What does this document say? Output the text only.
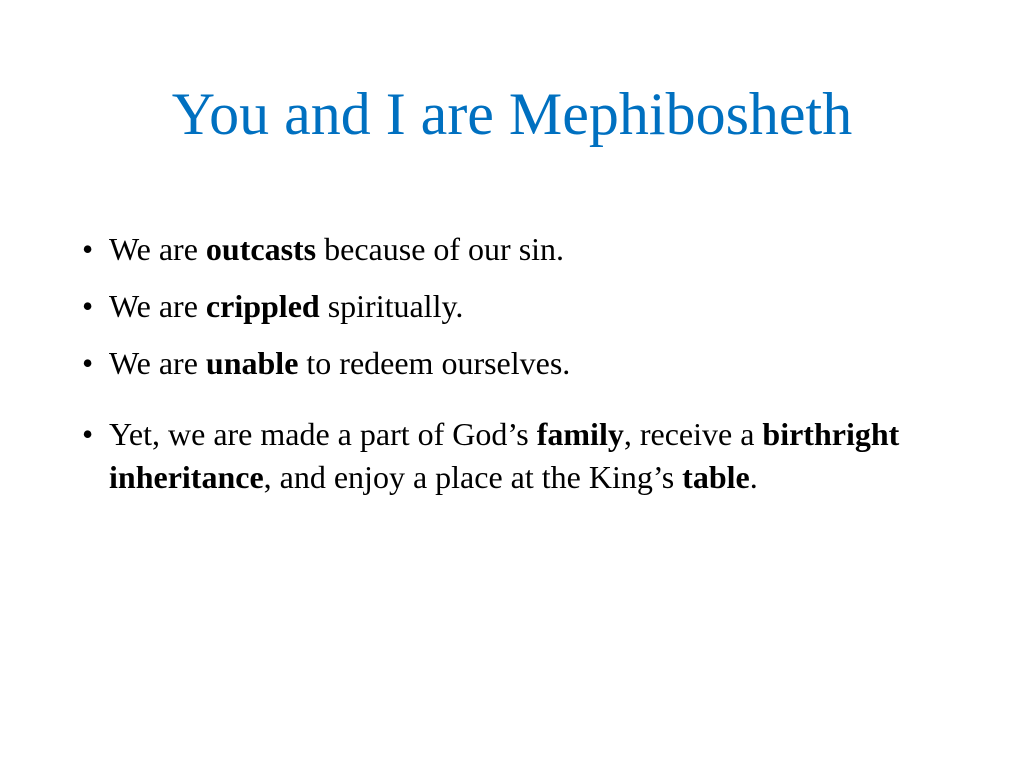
You and I are Mephibosheth
• We are outcasts because of our sin.
• We are crippled spiritually.
• We are unable to redeem ourselves.
• Yet, we are made a part of God’s family, receive a birthright inheritance, and enjoy a place at the King’s table.
